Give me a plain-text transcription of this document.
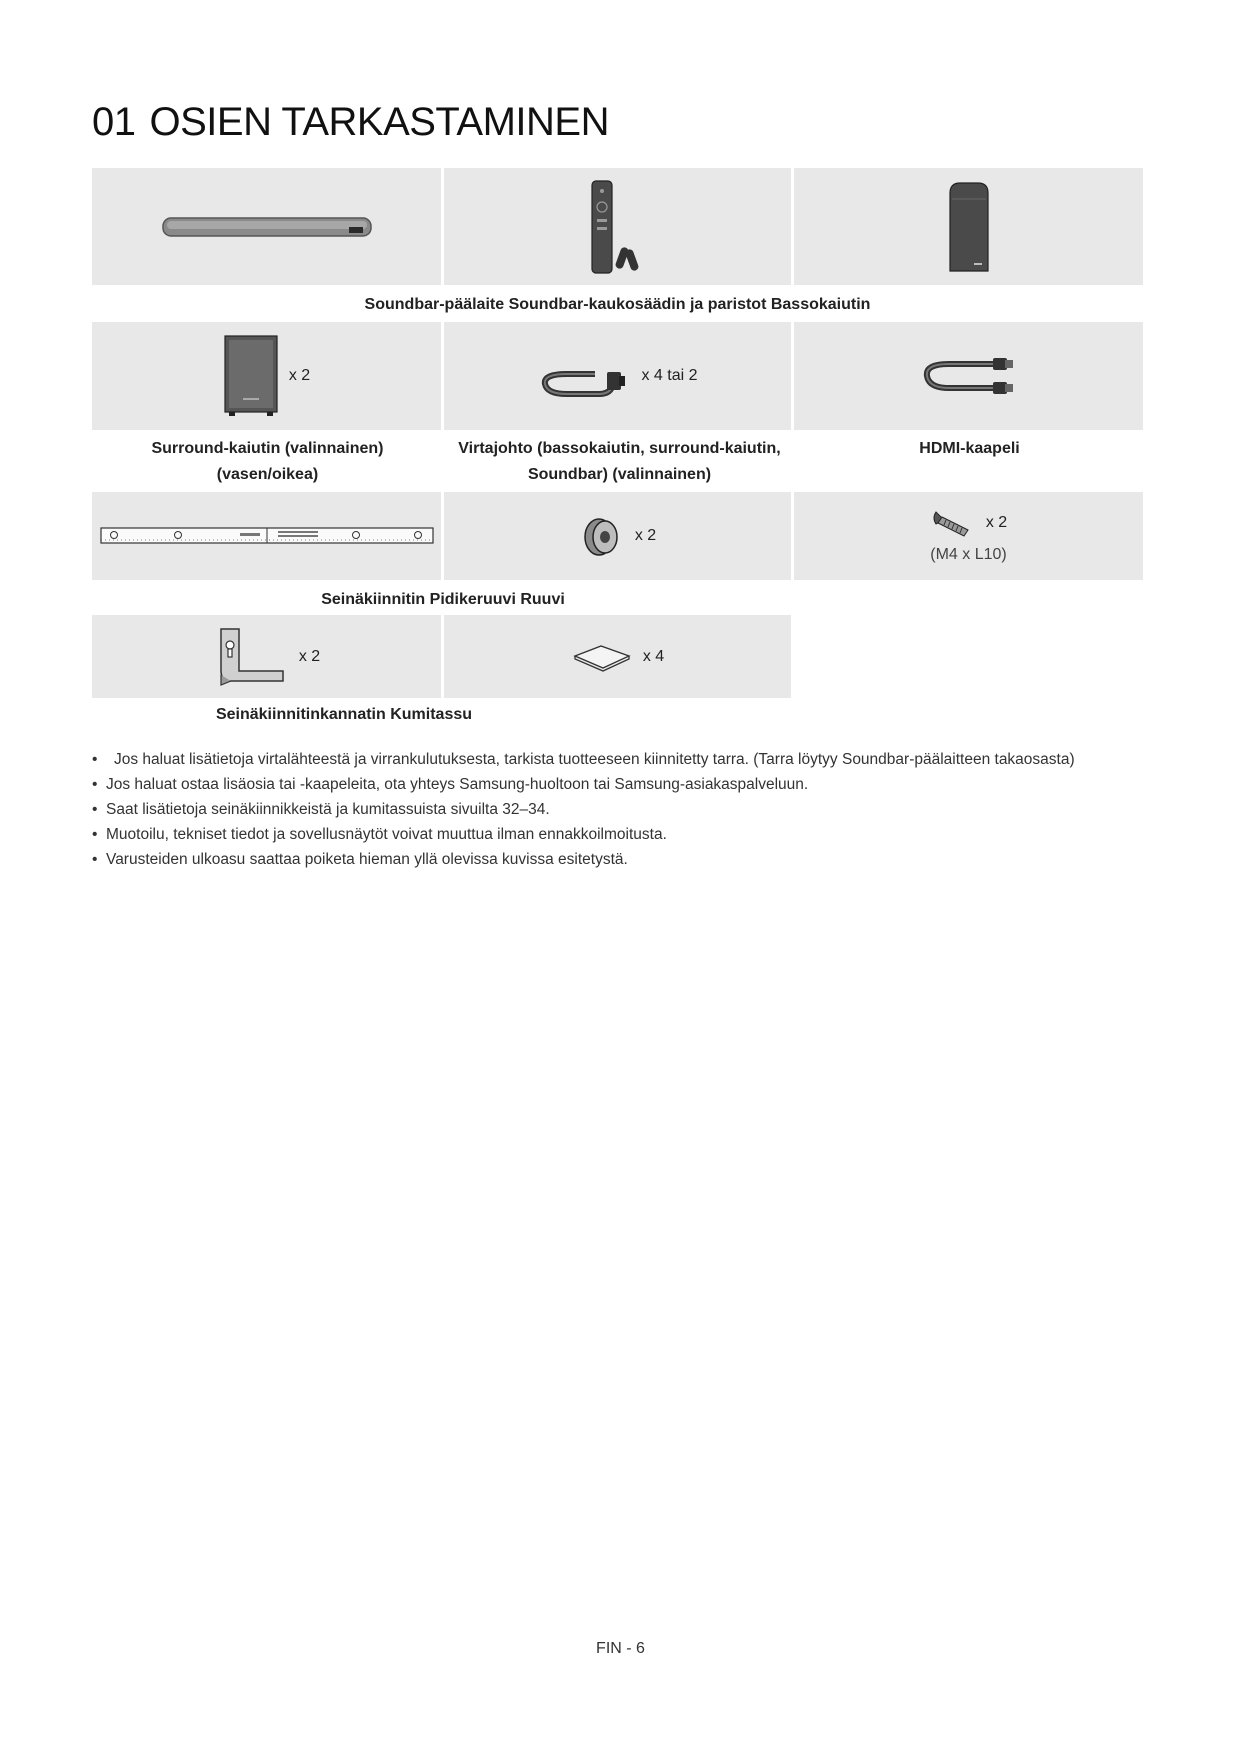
01 OSIEN TARKASTAMINEN
Soundbar-päälaite Soundbar-kaukosäädin ja paristot Bassokaiutin
x 2	x 4 tai 2
Surround-kaiutin (valinnainen)
(vasen/oikea)
Virtajohto (bassokaiutin, surround-kaiutin,
Soundbar) (valinnainen)
HDMI-kaapeli
x 2
x 2
(M4 x L10)
Seinäkiinnitin Pidikeruuvi Ruuvi
x 2	x 4
Seinäkiinnitinkannatin Kumitassu
• Jos haluat lisätietoja virtalähteestä ja virrankulutuksesta, tarkista tuotteeseen kiinnitetty tarra. (Tarra löytyy Soundbar-päälaitteen takaosasta)
• Jos haluat ostaa lisäosia tai -kaapeleita, ota yhteys Samsung-huoltoon tai Samsung-asiakaspalveluun.
• Saat lisätietoja seinäkiinnikkeistä ja kumitassuista sivuilta 32–34.
• Muotoilu, tekniset tiedot ja sovellusnäytöt voivat muuttua ilman ennakkoilmoitusta.
• Varusteiden ulkoasu saattaa poiketa hieman yllä olevissa kuvissa esitetystä.
FIN - 6
